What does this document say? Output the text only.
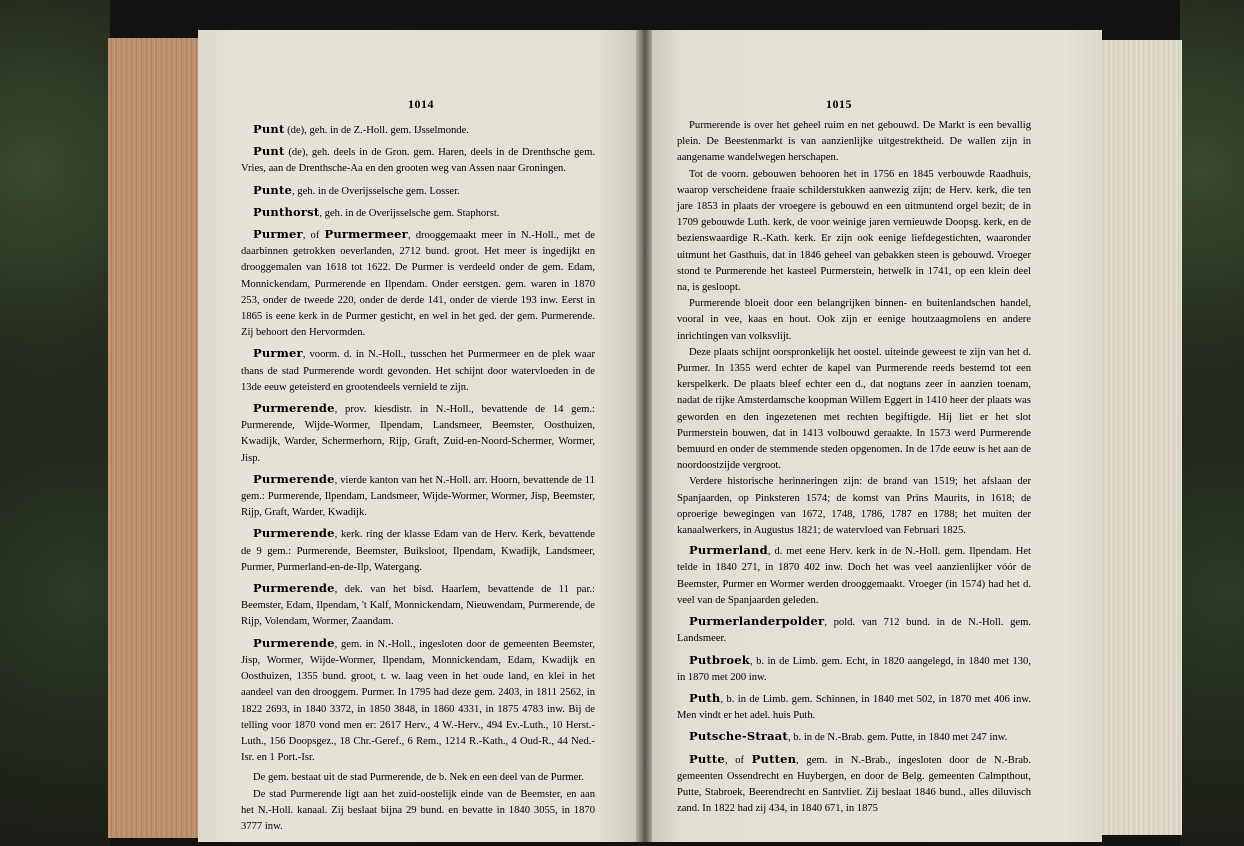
1014	1015

Punt (de), geh. in de Z.-Holl. gem. IJsselmonde.

Punt (de), geh. deels in de Gron. gem. Haren, deels in de Drenthsche gem. Vries, aan de Drenthsche-Aa en den grooten weg van Assen naar Groningen.

Punte, geh. in de Overijsselsche gem. Losser.

Punthorst, geh. in de Overijsselsche gem. Staphorst.

Purmer, of Purmermeer, drooggemaakt meer in N.-Holl., met de daarbinnen getrokken oeverlanden, 2712 bund. groot. Het meer is ingedijkt en drooggemalen van 1618 tot 1622. De Purmer is verdeeld onder de gem. Edam, Monnickendam, Purmerende en Ilpendam. Onder eerstgen. gem. waren in 1870 253, onder de tweede 220, onder de derde 141, onder de vierde 193 inw. Eerst in 1865 is eene kerk in de Purmer gesticht, en wel in het ged. der gem. Purmerende. Zij behoort den Hervormden.

Purmer, voorm. d. in N.-Holl., tusschen het Purmermeer en de plek waar thans de stad Purmerende wordt gevonden. Het schijnt door watervloeden in de 13de eeuw geteisterd en grootendeels vernield te zijn.

Purmerende, prov. kiesdistr. in N.-Holl., bevattende de 14 gem.: Purmerende, Wijde-Wormer, Ilpendam, Landsmeer, Beemster, Oosthuizen, Kwadijk, Warder, Schermerhorn, Rijp, Graft, Zuid-en-Noord-Schermer, Wormer, Jisp.

Purmerende, vierde kanton van het N.-Holl. arr. Hoorn, bevattende de 11 gem.: Purmerende, Ilpendam, Landsmeer, Wijde-Wormer, Wormer, Jisp, Beemster, Rijp, Graft, Warder, Kwadijk.

Purmerende, kerk. ring der klasse Edam van de Herv. Kerk, bevattende de 9 gem.: Purmerende, Beemster, Buiksloot, Ilpendam, Kwadijk, Landsmeer, Purmer, Purmerland-en-de-Ilp, Watergang.

Purmerende, dek. van het bisd. Haarlem, bevattende de 11 par.: Beemster, Edam, Ilpendam, 't Kalf, Monnickendam, Nieuwendam, Purmerende, de Rijp, Volendam, Wormer, Zaandam.

Purmerende, gem. in N.-Holl., ingesloten door de gemeenten Beemster, Jisp, Wormer, Wijde-Wormer, Ilpendam, Monnickendam, Edam, Kwadijk en Oosthuizen, 1355 bund. groot, t. w. laag veen in het oude land, en klei in het aandeel van den drooggem. Purmer. In 1795 had deze gem. 2403, in 1811 2562, in 1822 2693, in 1840 3372, in 1850 3848, in 1860 4331, in 1875 4783 inw. Bij de telling voor 1870 vond men er: 2617 Herv., 4 W.-Herv., 494 Ev.-Luth., 10 Herst.-Luth., 156 Doopsgez., 18 Chr.-Geref., 6 Rem., 1214 R.-Kath., 4 Oud-R., 44 Ned.-Isr. en 1 Port.-Isr.

De gem. bestaat uit de stad Purmerende, de b. Nek en een deel van de Purmer.

De stad Purmerende ligt aan het zuid-oostelijk einde van de Beemster, en aan het N.-Holl. kanaal. Zij beslaat bijna 29 bund. en bevatte in 1840 3055, in 1870 3777 inw.

Purmerende is over het geheel ruim en net gebouwd. De Markt is een bevallig plein. De Beestenmarkt is van aanzienlijke uitgestrektheid. De wallen zijn in aangename wandelwegen herschapen.

Tot de voorn. gebouwen behooren het in 1756 en 1845 verbouwde Raadhuis, waarop verscheidene fraaie schilderstukken aanwezig zijn; de Herv. kerk, die ten jare 1853 in plaats der vroegere is gebouwd en een uitmuntend orgel bezit; de in 1709 gebouwde Luth. kerk, de voor weinige jaren vernieuwde Doopsg. kerk, en de bezienswaardige R.-Kath. kerk. Er zijn ook eenige liefdegestichten, waaronder uitmunt het Gasthuis, dat in 1846 geheel van gebakken steen is gebouwd. Vroeger stond te Purmerende het kasteel Purmerstein, hetwelk in 1741, op een klein deel na, is gesloopt.

Purmerende bloeit door een belangrijken binnen- en buitenlandschen handel, vooral in vee, kaas en hout. Ook zijn er eenige houtzaagmolens en andere inrichtingen van volksvlijt.

Deze plaats schijnt oorspronkelijk het oostel. uiteinde geweest te zijn van het d. Purmer. In 1355 werd echter de kapel van Purmerende reeds bestemd tot een kerspelkerk. De plaats bleef echter een d., dat nogtans zeer in aanzien toenam, nadat de rijke Amsterdamsche koopman Willem Eggert in 1410 heer der plaats was geworden en den ingezetenen met rechten begiftigde. Hij liet er het slot Purmerstein bouwen, dat in 1413 volbouwd geraakte. In 1573 werd Purmerende bemuurd en onder de stemmende steden opgenomen. In de 17de eeuw is het aan de noordoostzijde vergroot.

Verdere historische herinneringen zijn: de brand van 1519; het afslaan der Spanjaarden, op Pinksteren 1574; de komst van Prins Maurits, in 1618; de oproerige bewegingen van 1672, 1748, 1786, 1787 en 1788; het muiten der kanaalwerkers, in Augustus 1821; de watervloed van Februari 1825.

Purmerland, d. met eene Herv. kerk in de N.-Holl. gem. Ilpendam. Het telde in 1840 271, in 1870 402 inw. Doch het was veel aanzienlijker vóór de Beemster, Purmer en Wormer werden drooggemaakt. Vroeger (in 1574) had het d. veel van de Spanjaarden geleden.

Purmerlanderpolder, pold. van 712 bund. in de N.-Holl. gem. Landsmeer.

Putbroek, b. in de Limb. gem. Echt, in 1820 aangelegd, in 1840 met 130, in 1870 met 200 inw.

Puth, b. in de Limb. gem. Schinnen, in 1840 met 502, in 1870 met 406 inw. Men vindt er het adel. huis Puth.

Putsche-Straat, b. in de N.-Brab. gem. Putte, in 1840 met 247 inw.

Putte, of Putten, gem. in N.-Brab., ingesloten door de N.-Brab. gemeenten Ossendrecht en Huybergen, en door de Belg. gemeenten Calmpthout, Putte, Stabroek, Beerendrecht en Santvliet. Zij beslaat 1846 bund., alles diluvisch zand. In 1822 had zij 434, in 1840 671, in 1875
